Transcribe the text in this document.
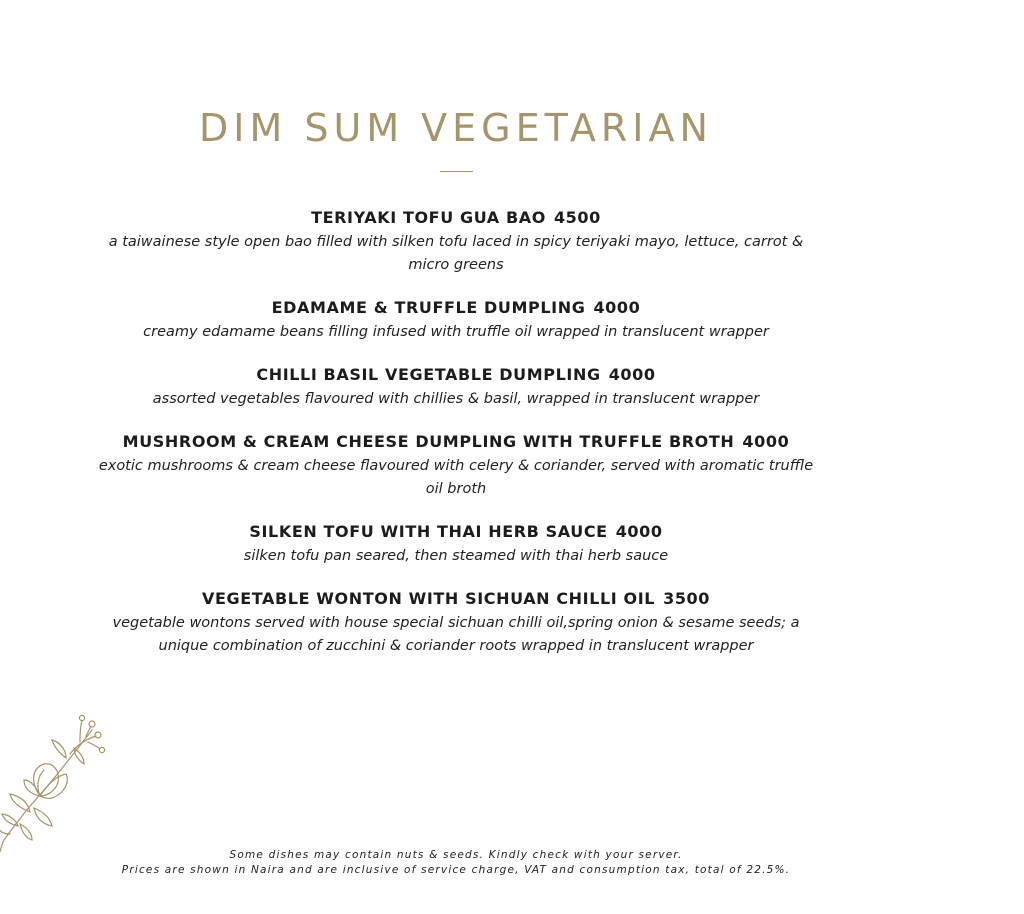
DIM SUM VEGETARIAN
TERIYAKI TOFU GUA BAO 4500
a taiwainese style open bao filled with silken tofu laced in spicy teriyaki mayo, lettuce, carrot & micro greens
EDAMAME & TRUFFLE DUMPLING 4000
creamy edamame beans filling infused with truffle oil wrapped in translucent wrapper
CHILLI BASIL VEGETABLE DUMPLING 4000
assorted vegetables flavoured with chillies & basil, wrapped in translucent wrapper
MUSHROOM & CREAM CHEESE DUMPLING WITH TRUFFLE BROTH 4000
exotic mushrooms & cream cheese flavoured with celery & coriander, served with aromatic truffle oil broth
SILKEN TOFU WITH THAI HERB SAUCE 4000
silken tofu pan seared, then steamed with thai herb sauce
VEGETABLE WONTON WITH SICHUAN CHILLI OIL 3500
vegetable wontons served with house special sichuan chilli oil,spring onion & sesame seeds; a unique combination of zucchini & coriander roots wrapped in translucent wrapper
Some dishes may contain nuts & seeds. Kindly check with your server.
Prices are shown in Naira and are inclusive of service charge, VAT and consumption tax, total of 22.5%.
